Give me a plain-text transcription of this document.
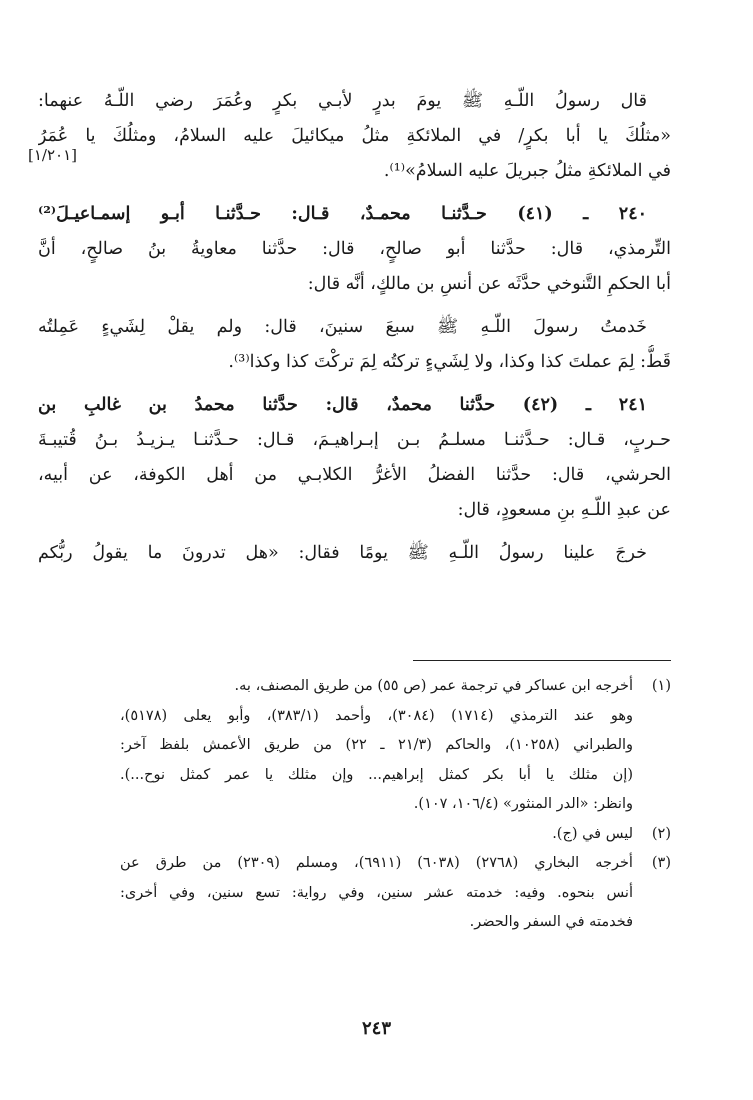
قال رسولُ اللّـهِ ﷺ يومَ بدرٍ لأبـي بكرٍ وعُمَرَ رضي اللّـهُ عنهما:
«مثلُكَ يا أبا بكرٍ/ في الملائكةِ مثلُ ميكائيلَ عليه السلامُ، ومثلُكَ يا عُمَرُ
في الملائكةِ مثلُ جبريلَ عليه السلامُ»⁽¹⁾.
٢٤٠ ـ (٤١) حـدَّثنـا محمـدٌ، قـال: حـدَّثنـا أبـو إسمـاعيـلَ⁽²⁾
التِّرمذي، قال: حدَّثنا أبو صالحٍ، قال: حدَّثنا معاويةُ بنُ صالحٍ، أنَّ
أبا الحكمِ التَّنوخي حدَّثَه عن أنسِ بن مالكٍ، أنَّه قال:
خَدمتُ رسولَ اللّـهِ ﷺ سبعَ سنينَ، قال: ولم يقلْ لِشَيءٍ عَمِلتُه
قَطُّ: لِمَ عملتَ كذا وكذا، ولا لِشَيءٍ تركتُه لِمَ تركْتَ كذا وكذا⁽³⁾.
٢٤١ ـ (٤٢) حدَّثنا محمدٌ، قال: حدَّثنا محمدُ بن غالبِ بن
حـربٍ، قـال: حـدَّثنـا مسلـمُ بـن إبـراهيـمَ، قـال: حـدَّثنـا يـزيـدُ بـنُ قُتيبـةَ
الحرشي، قال: حدَّثنا الفضلُ الأغرُّ الكلابـي من أهل الكوفة، عن أبيه،
عن عبدِ اللّـهِ بنِ مسعودٍ، قال:
خرجَ علينا رسولُ اللّـهِ ﷺ يومًا فقال: «هل تدرونَ ما يقولُ ربُّكم
[١/٢٠١]
(١)
أخرجه ابن عساكر في ترجمة عمر (ص ٥٥) من طريق المصنف، به.
وهو عند الترمذي (١٧١٤) (٣٠٨٤)، وأحمد (٣٨٣/١)، وأبو يعلى (٥١٧٨)،
والطبراني (١٠٢٥٨)، والحاكم (٢١/٣ ـ ٢٢) من طريق الأعمش بلفظ آخر:
(إن مثلك يا أبا بكر كمثل إبراهيم... وإن مثلك يا عمر كمثل نوح...).
وانظر: «الدر المنثور» (١٠٦/٤، ١٠٧).
(٢)
ليس في (ج).
(٣)
أخرجه البخاري (٢٧٦٨) (٦٠٣٨) (٦٩١١)، ومسلم (٢٣٠٩) من طرق عن
أنس بنحوه. وفيه: خدمته عشر سنين، وفي رواية: تسع سنين، وفي أخرى:
فخدمته في السفر والحضر.
٢٤٣
